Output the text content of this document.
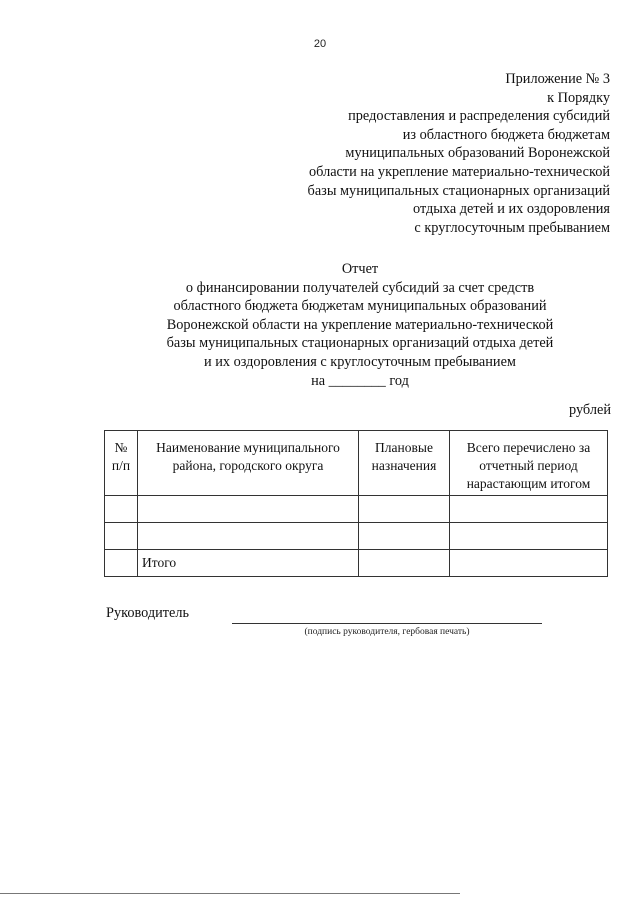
20
Приложение № 3
к Порядку
предоставления и распределения субсидий
из областного бюджета бюджетам
муниципальных образований Воронежской
области на укрепление материально-технической
базы муниципальных стационарных организаций
отдыха детей и их оздоровления
с круглосуточным пребыванием
Отчет
о финансировании получателей субсидий за счет средств
областного бюджета бюджетам муниципальных образований
Воронежской области на укрепление материально-технической
базы муниципальных стационарных организаций отдыха детей
и их оздоровления с круглосуточным пребыванием
на ________ год
рублей
№ п/п	Наименование муниципального района, городского округа	Плановые назначения	Всего перечислено за отчетный период нарастающим итогом

	Итого		
Руководитель
(подпись руководителя, гербовая печать)
